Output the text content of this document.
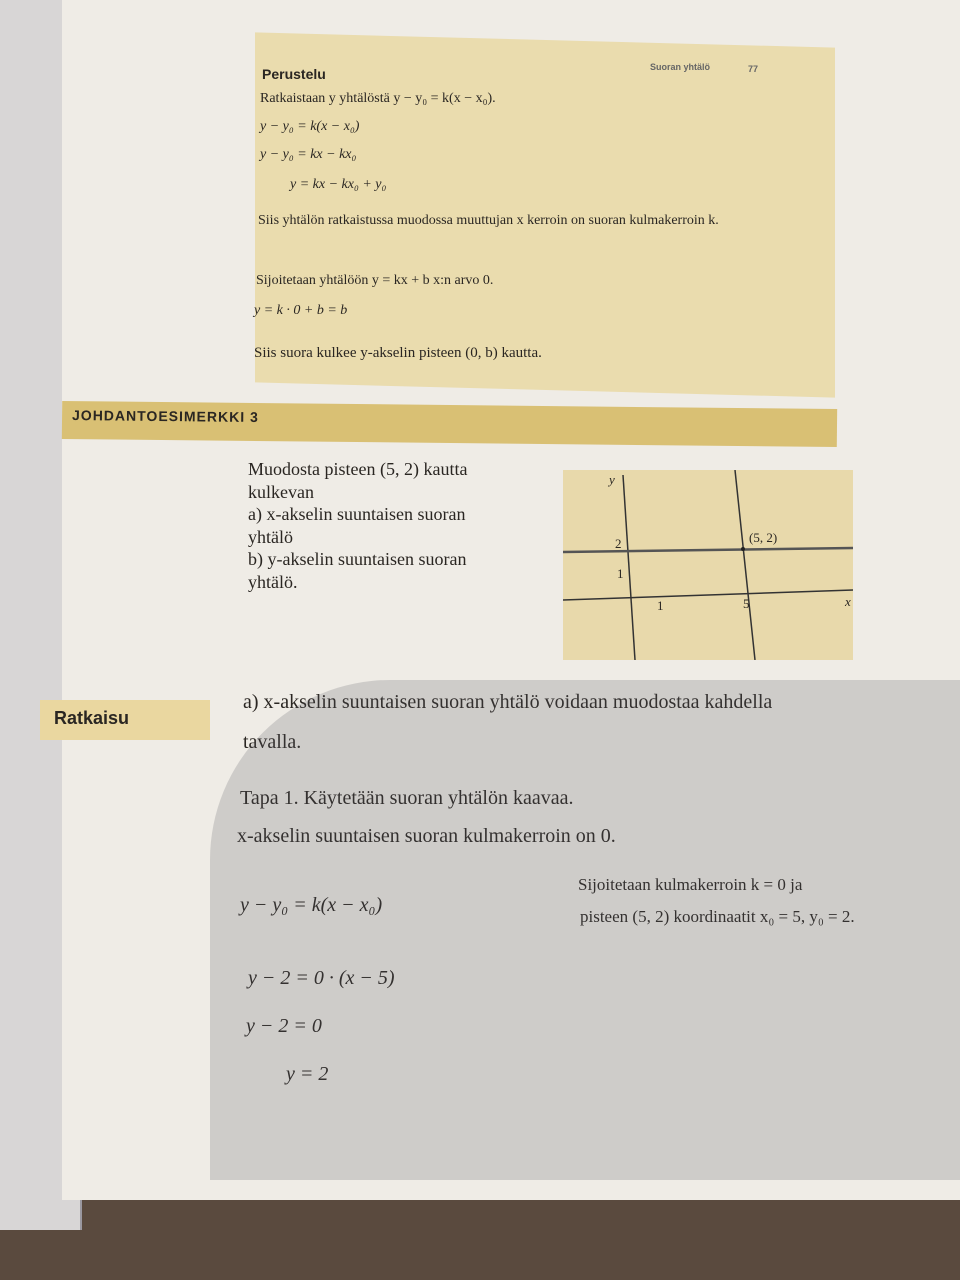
Suoran yhtälö	77
Perustelu
Ratkaistaan y yhtälöstä y − y₀ = k(x − x₀).
y − y₀ = k(x − x₀)
y − y₀ = kx − kx₀
y = kx − kx₀ + y₀
Siis yhtälön ratkaistussa muodossa muuttujan x kerroin on suoran kulmakerroin k.
Sijoitetaan yhtälöön y = kx + b x:n arvo 0.
y = k · 0 + b = b
Siis suora kulkee y-akselin pisteen (0, b) kautta.
JOHDANTOESIMERKKI 3
Muodosta pisteen (5, 2) kautta
kulkevan
a) x-akselin suuntaisen suoran
yhtälö
b) y-akselin suuntaisen suoran
yhtälö.
y
x
2
1
1	5
(5, 2)
Ratkaisu
a) x-akselin suuntaisen suoran yhtälö voidaan muodostaa kahdella
tavalla.
Tapa 1. Käytetään suoran yhtälön kaavaa.
x-akselin suuntaisen suoran kulmakerroin on 0.
y − y₀ = k(x − x₀)
Sijoitetaan kulmakerroin k = 0 ja
pisteen (5, 2) koordinaatit x₀ = 5, y₀ = 2.
y − 2 = 0 · (x − 5)
y − 2 = 0
y = 2
